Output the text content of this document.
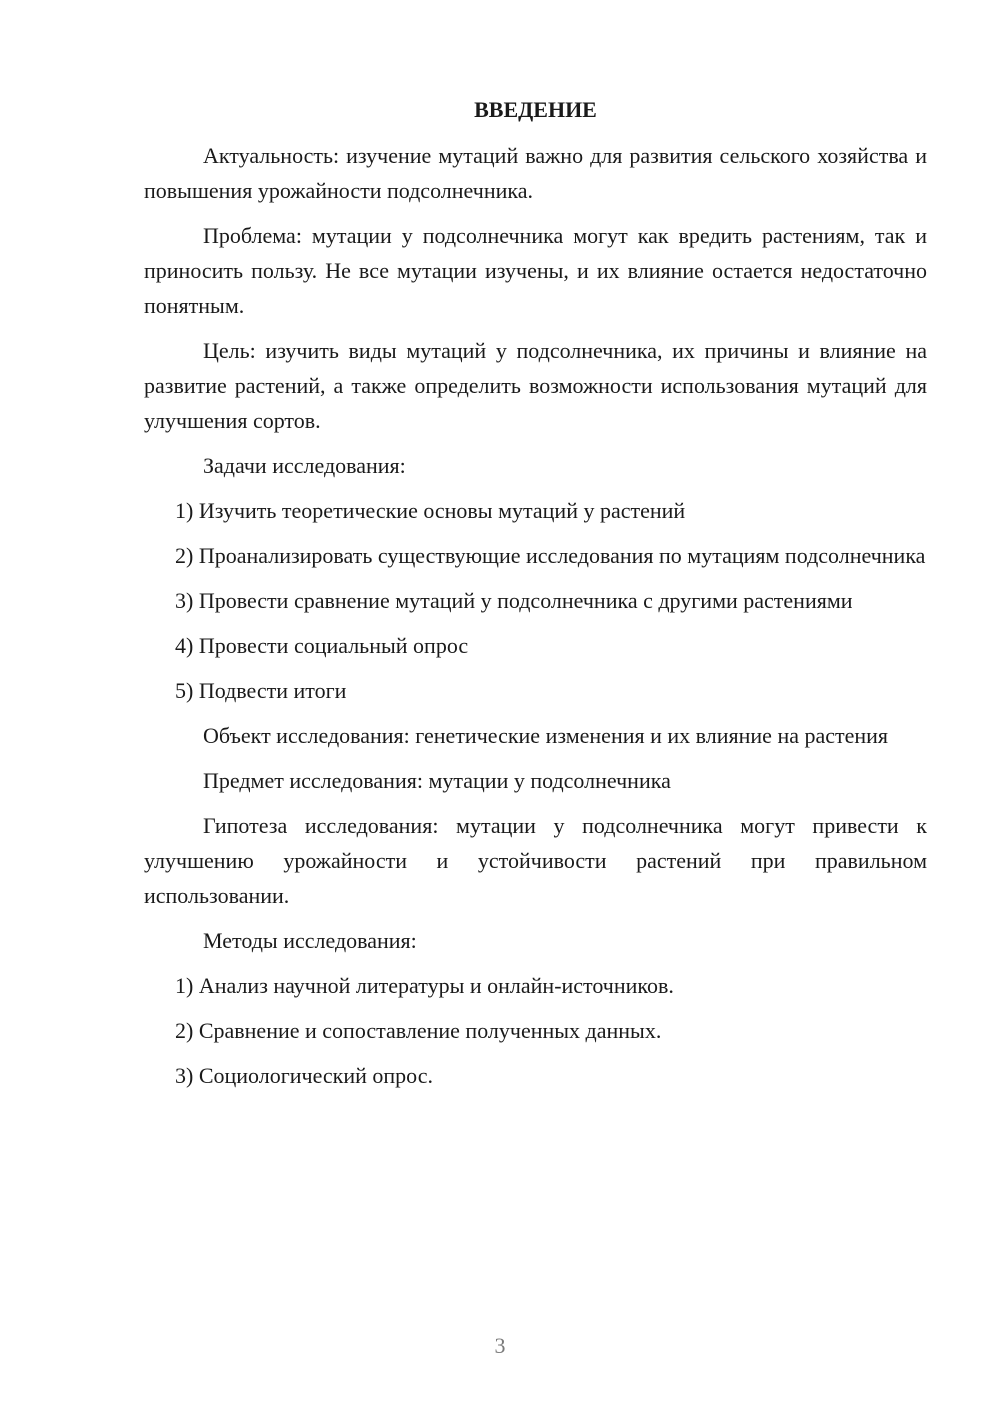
ВВЕДЕНИЕ

Актуальность: изучение мутаций важно для развития сельского хозяйства и повышения урожайности подсолнечника.

Проблема: мутации у подсолнечника могут как вредить растениям, так и приносить пользу. Не все мутации изучены, и их влияние остается недостаточно понятным.

Цель: изучить виды мутаций у подсолнечника, их причины и влияние на развитие растений, а также определить возможности использования мутаций для улучшения сортов.

Задачи исследования:

1) Изучить теоретические основы мутаций у растений

2) Проанализировать существующие исследования по мутациям подсолнечника

3) Провести сравнение мутаций у подсолнечника с другими растениями

4) Провести социальный опрос

5) Подвести итоги

Объект исследования: генетические изменения и их влияние на растения

Предмет исследования: мутации у подсолнечника

Гипотеза исследования: мутации у подсолнечника могут привести к улучшению урожайности и устойчивости растений при правильном использовании.

Методы исследования:

1) Анализ научной литературы и онлайн-источников.

2) Сравнение и сопоставление полученных данных.

3) Социологический опрос.

3
